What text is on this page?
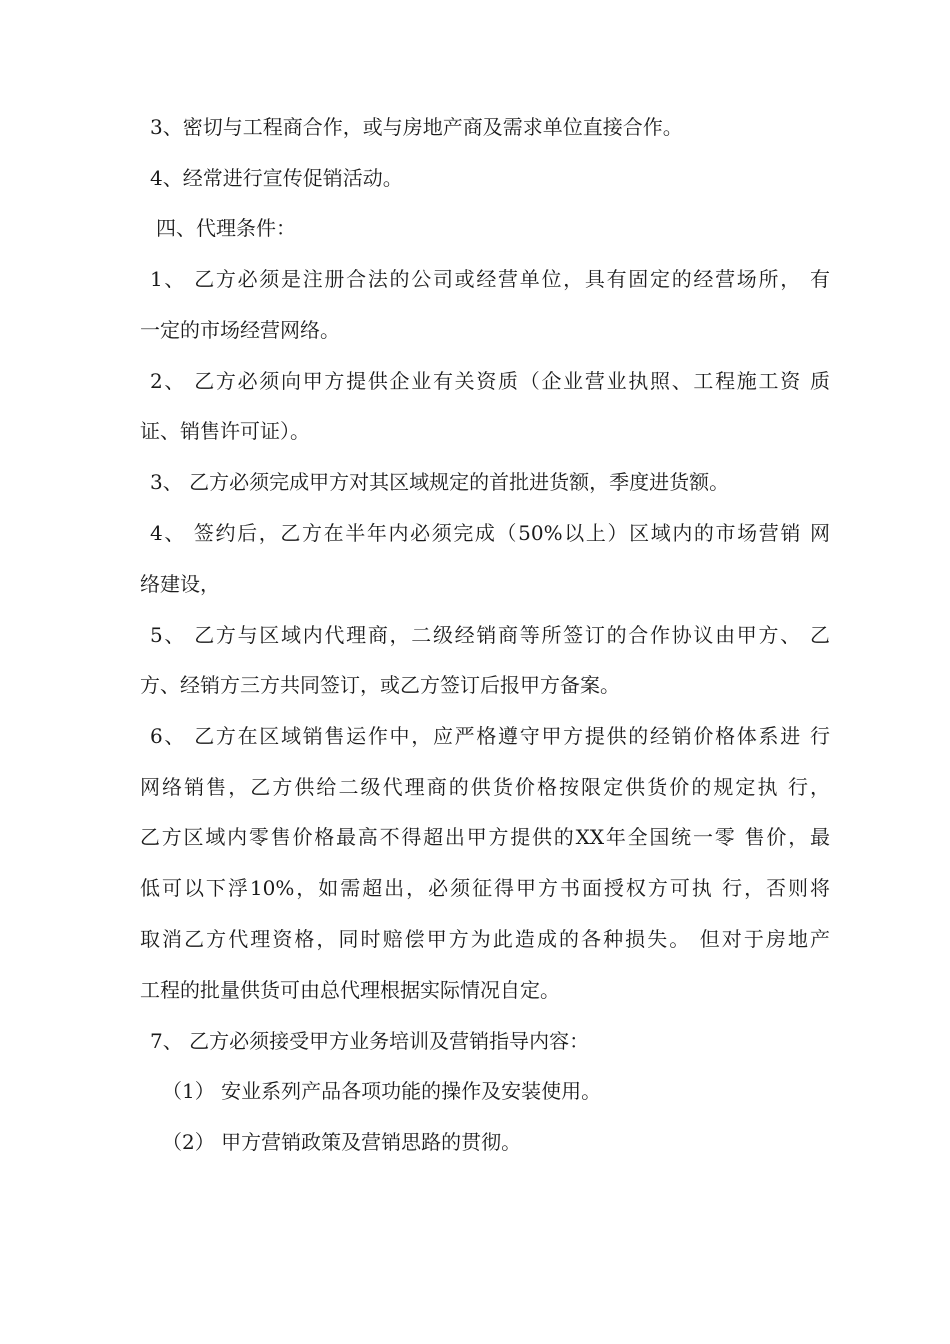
3、密切与工程商合作，或与房地产商及需求单位直接合作。
4、经常进行宣传促销活动。
四、代理条件：
1、 乙方必须是注册合法的公司或经营单位，具有固定的经营场所， 有
一定的市场经营网络。
2、 乙方必须向甲方提供企业有关资质（企业营业执照、工程施工资 质
证、销售许可证）。
3、 乙方必须完成甲方对其区域规定的首批进货额，季度进货额。
4、 签约后，乙方在半年内必须完成（50%以上）区域内的市场营销 网
络建设，
5、 乙方与区域内代理商，二级经销商等所签订的合作协议由甲方、 乙
方、经销方三方共同签订，或乙方签订后报甲方备案。
6、 乙方在区域销售运作中，应严格遵守甲方提供的经销价格体系进 行
网络销售，乙方供给二级代理商的供货价格按限定供货价的规定执 行，
乙方区域内零售价格最高不得超出甲方提供的XX年全国统一零 售价，最
低可以下浮10%，如需超出，必须征得甲方书面授权方可执 行，否则将
取消乙方代理资格，同时赔偿甲方为此造成的各种损失。 但对于房地产
工程的批量供货可由总代理根据实际情况自定。
7、 乙方必须接受甲方业务培训及营销指导内容：
（1） 安业系列产品各项功能的操作及安装使用。
（2） 甲方营销政策及营销思路的贯彻。
